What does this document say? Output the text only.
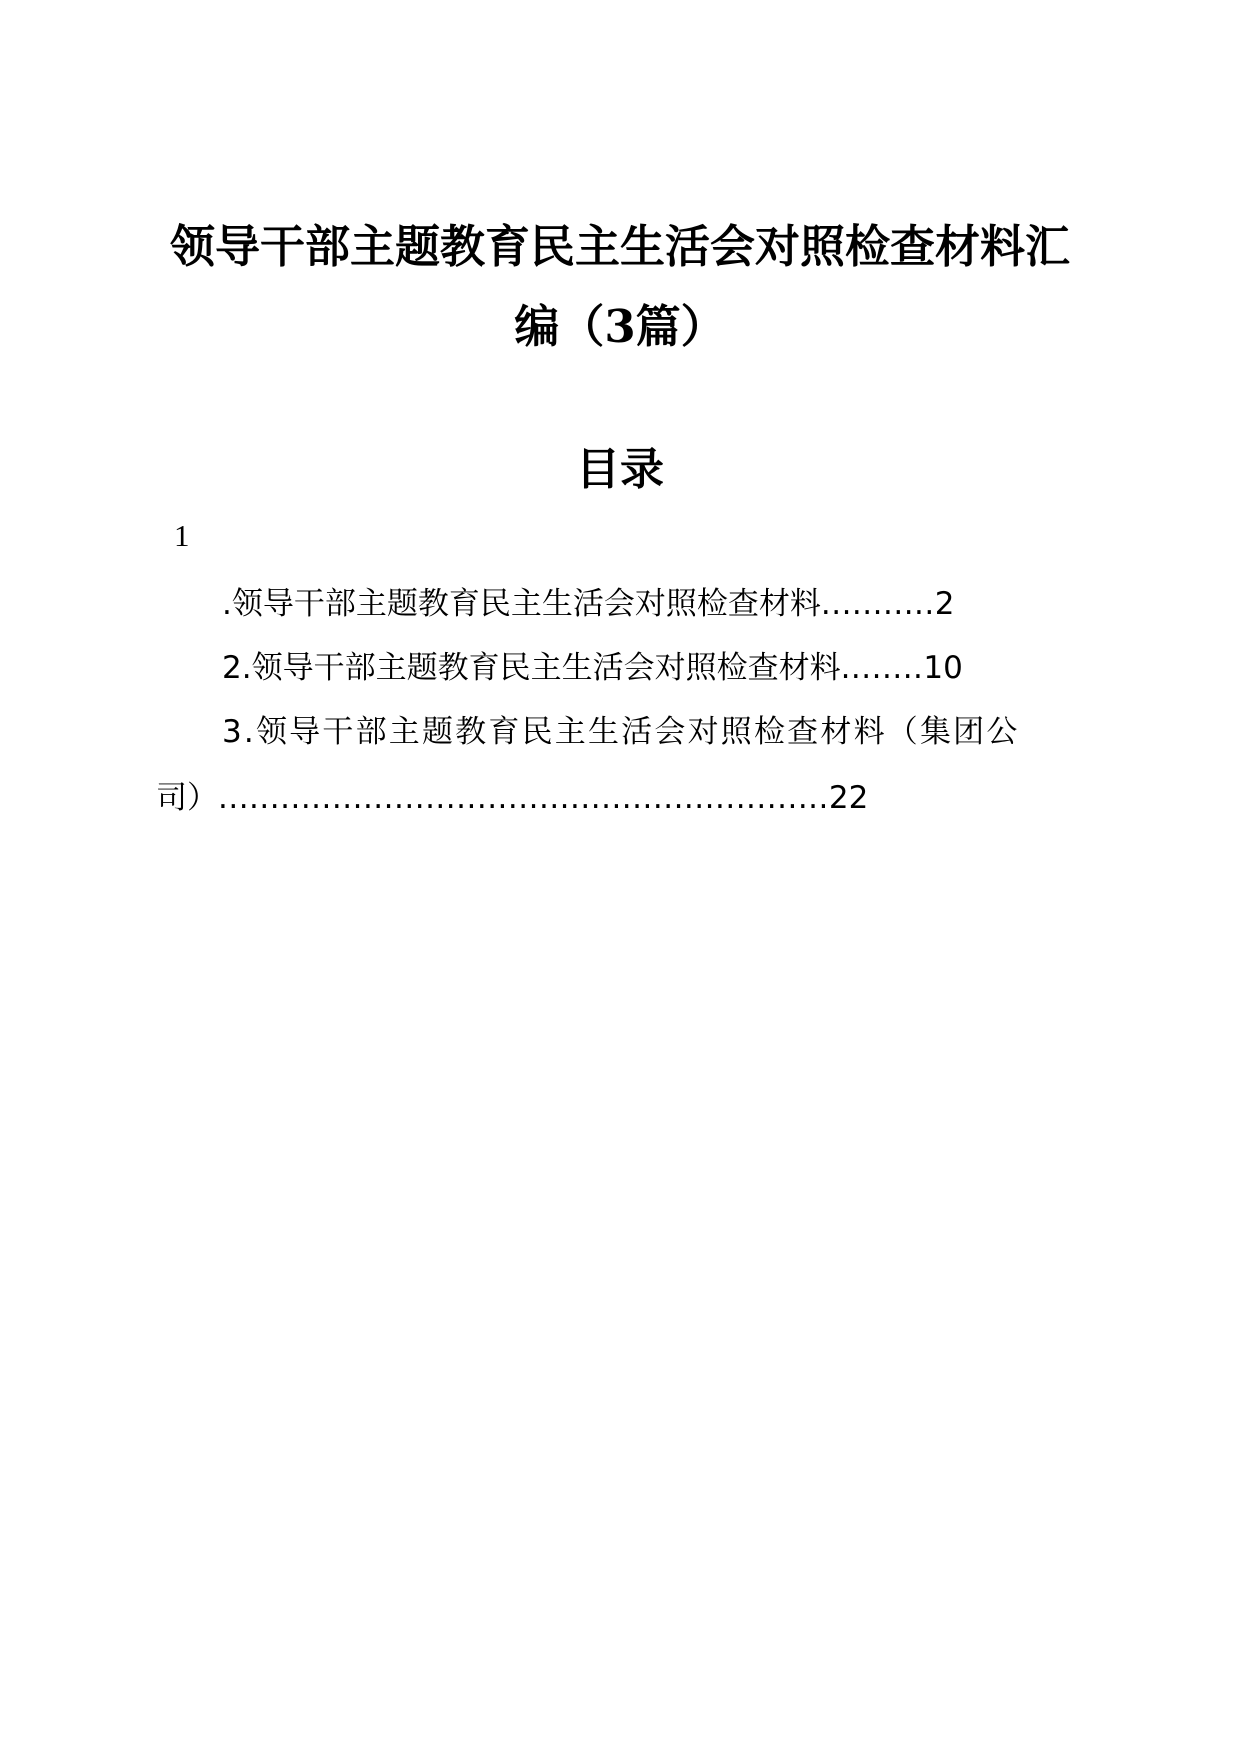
领导干部主题教育民主生活会对照检查材料汇
编（3篇）
目录
1
.领导干部主题教育民主生活会对照检查材料...........2
2.领导干部主题教育民主生活会对照检查材料........10
3.领导干部主题教育民主生活会对照检查材料（集团公
司）...........................................................22
